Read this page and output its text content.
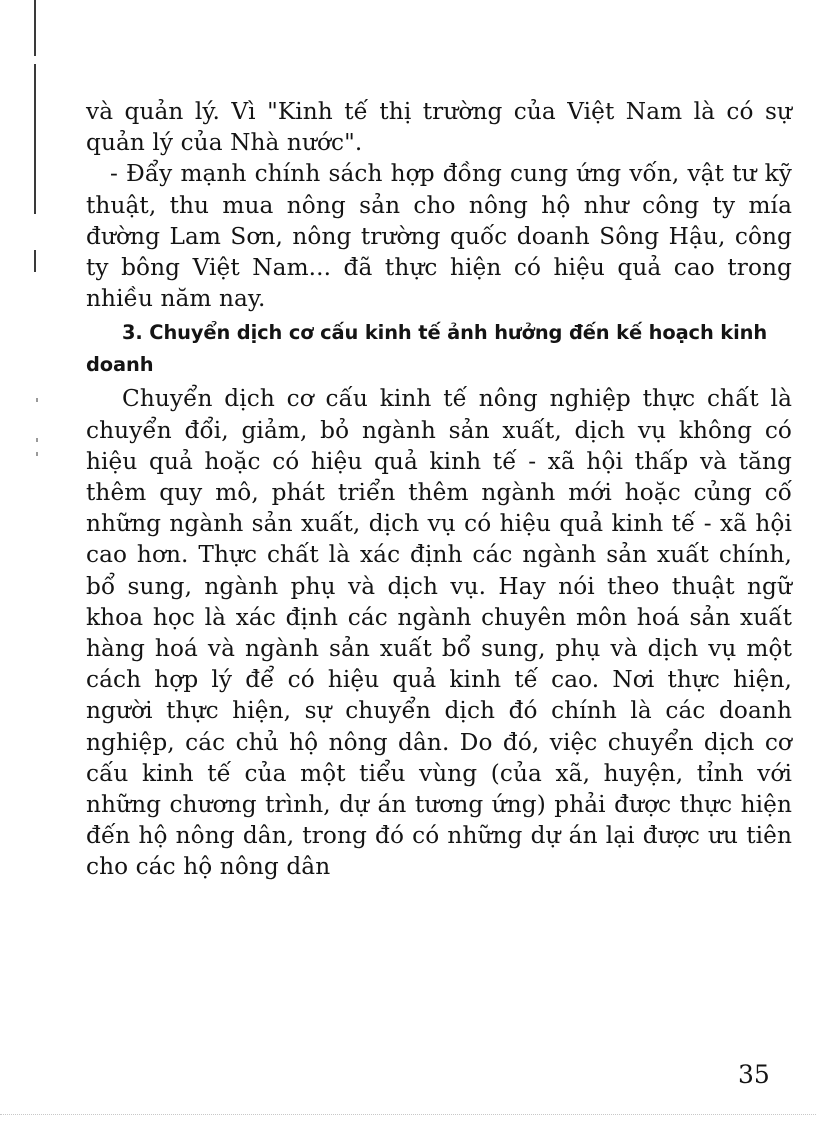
và quản lý. Vì "Kinh tế thị trường của Việt Nam là có sự quản lý của Nhà nước".

- Đẩy mạnh chính sách hợp đồng cung ứng vốn, vật tư kỹ thuật, thu mua nông sản cho nông hộ như công ty mía đường Lam Sơn, nông trường quốc doanh Sông Hậu, công ty bông Việt Nam... đã thực hiện có hiệu quả cao trong nhiều năm nay.

3. Chuyển dịch cơ cấu kinh tế ảnh hưởng đến kế hoạch kinh doanh

Chuyển dịch cơ cấu kinh tế nông nghiệp thực chất là chuyển đổi, giảm, bỏ ngành sản xuất, dịch vụ không có hiệu quả hoặc có hiệu quả kinh tế - xã hội thấp và tăng thêm quy mô, phát triển thêm ngành mới hoặc củng cố những ngành sản xuất, dịch vụ có hiệu quả kinh tế - xã hội cao hơn. Thực chất là xác định các ngành sản xuất chính, bổ sung, ngành phụ và dịch vụ. Hay nói theo thuật ngữ khoa học là xác định các ngành chuyên môn hoá sản xuất hàng hoá và ngành sản xuất bổ sung, phụ và dịch vụ một cách hợp lý để có hiệu quả kinh tế cao. Nơi thực hiện, người thực hiện, sự chuyển dịch đó chính là các doanh nghiệp, các chủ hộ nông dân. Do đó, việc chuyển dịch cơ cấu kinh tế của một tiểu vùng (của xã, huyện, tỉnh với những chương trình, dự án tương ứng) phải được thực hiện đến hộ nông dân, trong đó có những dự án lại được ưu tiên cho các hộ nông dân

35
